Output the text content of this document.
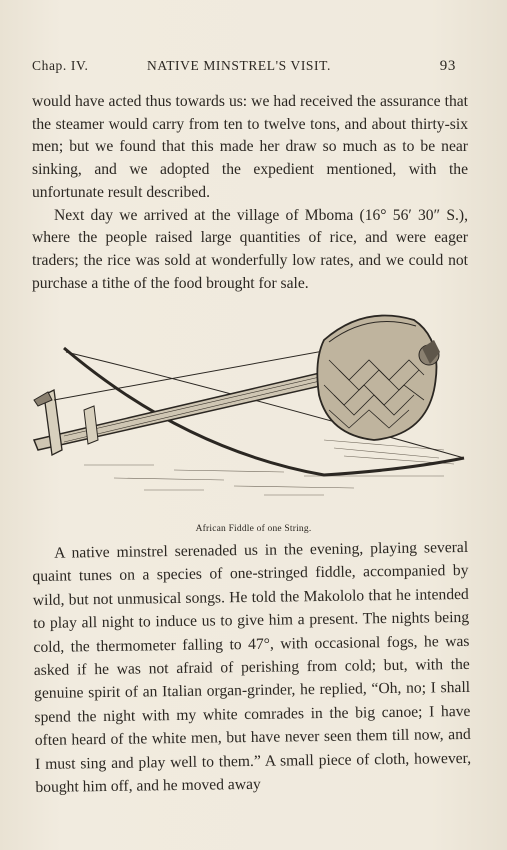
Chap. IV.	NATIVE MINSTREL'S VISIT.	93

would have acted thus towards us: we had received the assurance that the steamer would carry from ten to twelve tons, and about thirty-six men; but we found that this made her draw so much as to be near sinking, and we adopted the expedient mentioned, with the unfortunate result described.

Next day we arrived at the village of Mboma (16° 56′ 30″ S.), where the people raised large quantities of rice, and were eager traders; the rice was sold at wonderfully low rates, and we could not purchase a tithe of the food brought for sale.

African Fiddle of one String.

A native minstrel serenaded us in the evening, playing several quaint tunes on a species of one-stringed fiddle, accompanied by wild, but not unmusical songs. He told the Makololo that he intended to play all night to induce us to give him a present. The nights being cold, the thermometer falling to 47°, with occasional fogs, he was asked if he was not afraid of perishing from cold; but, with the genuine spirit of an Italian organ-grinder, he replied, “Oh, no; I shall spend the night with my white comrades in the big canoe; I have often heard of the white men, but have never seen them till now, and I must sing and play well to them.” A small piece of cloth, however, bought him off, and he moved away
